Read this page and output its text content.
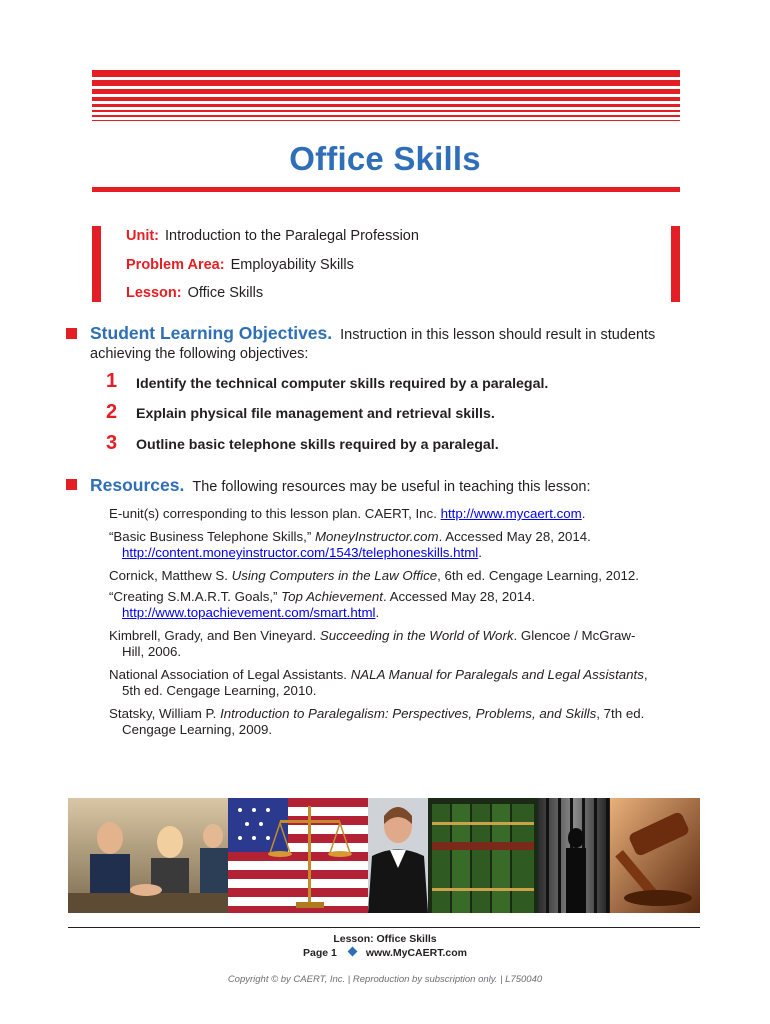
Office Skills
Unit: Introduction to the Paralegal Profession
Problem Area: Employability Skills
Lesson: Office Skills
Student Learning Objectives. Instruction in this lesson should result in students
achieving the following objectives:
1	Identify the technical computer skills required by a paralegal.
2	Explain physical file management and retrieval skills.
3	Outline basic telephone skills required by a paralegal.
Resources. The following resources may be useful in teaching this lesson:
E-unit(s) corresponding to this lesson plan. CAERT, Inc. http://www.mycaert.com.
“Basic Business Telephone Skills,” MoneyInstructor.com. Accessed May 28, 2014.
http://content.moneyinstructor.com/1543/telephoneskills.html.
Cornick, Matthew S. Using Computers in the Law Office, 6th ed. Cengage Learning, 2012.
“Creating S.M.A.R.T. Goals,” Top Achievement. Accessed May 28, 2014.
http://www.topachievement.com/smart.html.
Kimbrell, Grady, and Ben Vineyard. Succeeding in the World of Work. Glencoe / McGraw-
Hill, 2006.
National Association of Legal Assistants. NALA Manual for Paralegals and Legal Assistants,
5th ed. Cengage Learning, 2010.
Statsky, William P. Introduction to Paralegalism: Perspectives, Problems, and Skills, 7th ed.
Cengage Learning, 2009.
Lesson: Office Skills
Page 1	www.MyCAERT.com
Copyright © by CAERT, Inc. | Reproduction by subscription only. | L750040
